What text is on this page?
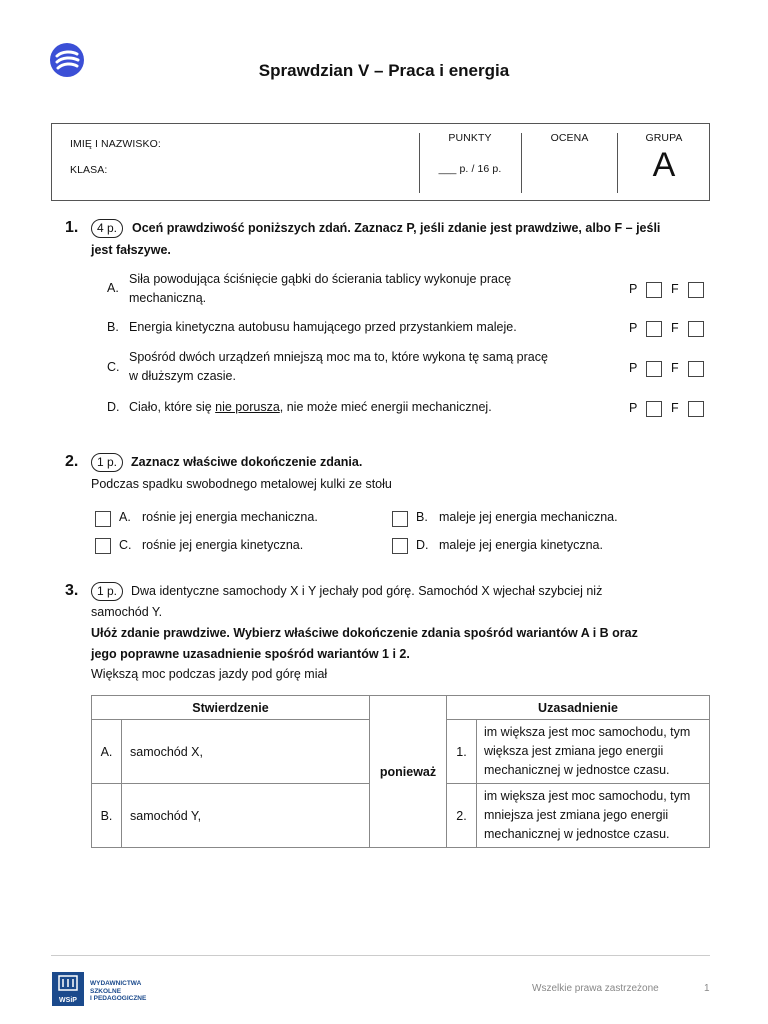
Sprawdzian V – Praca i energia
IMIĘ I NAZWISKO:
KLASA:
PUNKTY
___ p. / 16 p.
OCENA	GRUPA
A
1.	4 p.	Oceń prawdziwość poniższych zdań. Zaznacz P, jeśli zdanie jest prawdziwe, albo F – jeśli
jest fałszywe.
A.
Siła powodująca ściśnięcie gąbki do ścierania tablicy wykonuje pracę
mechaniczną.
P	F
B. Energia kinetyczna autobusu hamującego przed przystankiem maleje.	P	F
C.
Spośród dwóch urządzeń mniejszą moc ma to, które wykona tę samą pracę
w dłuższym czasie.
P	F
D. Ciało, które się nie porusza, nie może mieć energii mechanicznej.	P	F
2.	1 p.	Zaznacz właściwe dokończenie zdania.
Podczas spadku swobodnego metalowej kulki ze stołu
A. rośnie jej energia mechaniczna.	B. maleje jej energia mechaniczna.
C. rośnie jej energia kinetyczna.	D. maleje jej energia kinetyczna.
3.	1 p.	Dwa identyczne samochody X i Y jechały pod górę. Samochód X wjechał szybciej niż
samochód Y.
Ułóż zdanie prawdziwe. Wybierz właściwe dokończenie zdania spośród wariantów A i B oraz
jego poprawne uzasadnienie spośród wariantów 1 i 2.
Większą moc podczas jazdy pod górę miał
Stwierdzenie		ponieważ	Uzasadnienie	
A.	samochód X,		1.	im większa jest moc samochodu, tym
większa jest zmiana jego energii
mechanicznej w jednostce czasu.

B.	samochód Y,		2.	im większa jest moc samochodu, tym
mniejsza jest zmiana jego energii
mechanicznej w jednostce czasu.
WSiP
WYDAWNICTWA
SZKOLNE
I PEDAGOGICZNE
Wszelkie prawa zastrzeżone	1
